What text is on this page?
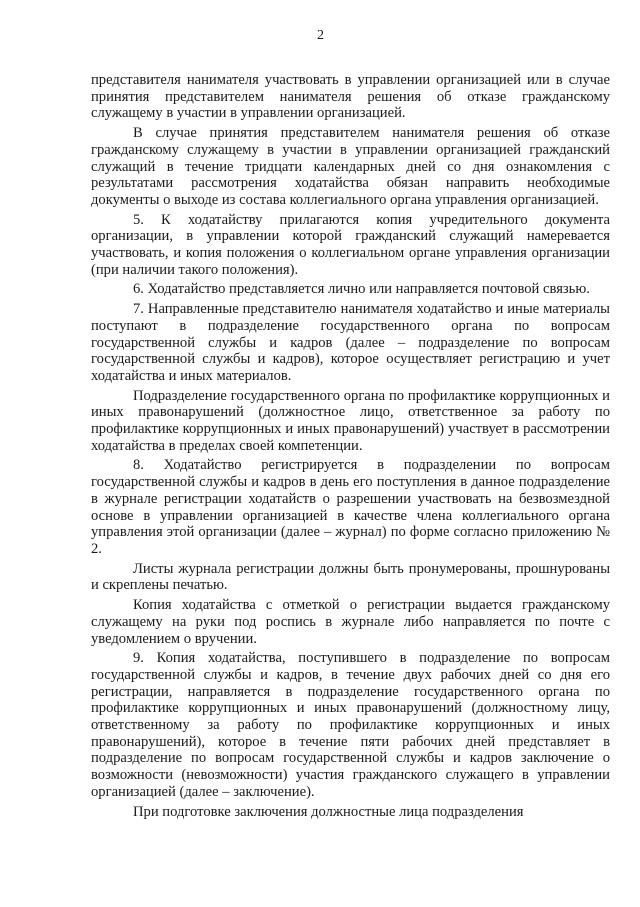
2

представителя нанимателя участвовать в управлении организацией или в случае принятия представителем нанимателя решения об отказе гражданскому служащему в участии в управлении организацией.

В случае принятия представителем нанимателя решения об отказе гражданскому служащему в участии в управлении организацией гражданский служащий в течение тридцати календарных дней со дня ознакомления с результатами рассмотрения ходатайства обязан направить необходимые документы о выходе из состава коллегиального органа управления организацией.

5. К ходатайству прилагаются копия учредительного документа организации, в управлении которой гражданский служащий намеревается участвовать, и копия положения о коллегиальном органе управления организации (при наличии такого положения).

6. Ходатайство представляется лично или направляется почтовой связью.

7. Направленные представителю нанимателя ходатайство и иные материалы поступают в подразделение государственного органа по вопросам государственной службы и кадров (далее – подразделение по вопросам государственной службы и кадров), которое осуществляет регистрацию и учет ходатайства и иных материалов.

Подразделение государственного органа по профилактике коррупционных и иных правонарушений (должностное лицо, ответственное за работу по профилактике коррупционных и иных правонарушений) участвует в рассмотрении ходатайства в пределах своей компетенции.

8. Ходатайство регистрируется в подразделении по вопросам государственной службы и кадров в день его поступления в данное подразделение в журнале регистрации ходатайств о разрешении участвовать на безвозмездной основе в управлении организацией в качестве члена коллегиального органа управления этой организации (далее – журнал) по форме согласно приложению № 2.

Листы журнала регистрации должны быть пронумерованы, прошнурованы и скреплены печатью.

Копия ходатайства с отметкой о регистрации выдается гражданскому служащему на руки под роспись в журнале либо направляется по почте с уведомлением о вручении.

9. Копия ходатайства, поступившего в подразделение по вопросам государственной службы и кадров, в течение двух рабочих дней со дня его регистрации, направляется в подразделение государственного органа по профилактике коррупционных и иных правонарушений (должностному лицу, ответственному за работу по профилактике коррупционных и иных правонарушений), которое в течение пяти рабочих дней представляет в подразделение по вопросам государственной службы и кадров заключение о возможности (невозможности) участия гражданского служащего в управлении организацией (далее – заключение).

При подготовке заключения должностные лица подразделения
